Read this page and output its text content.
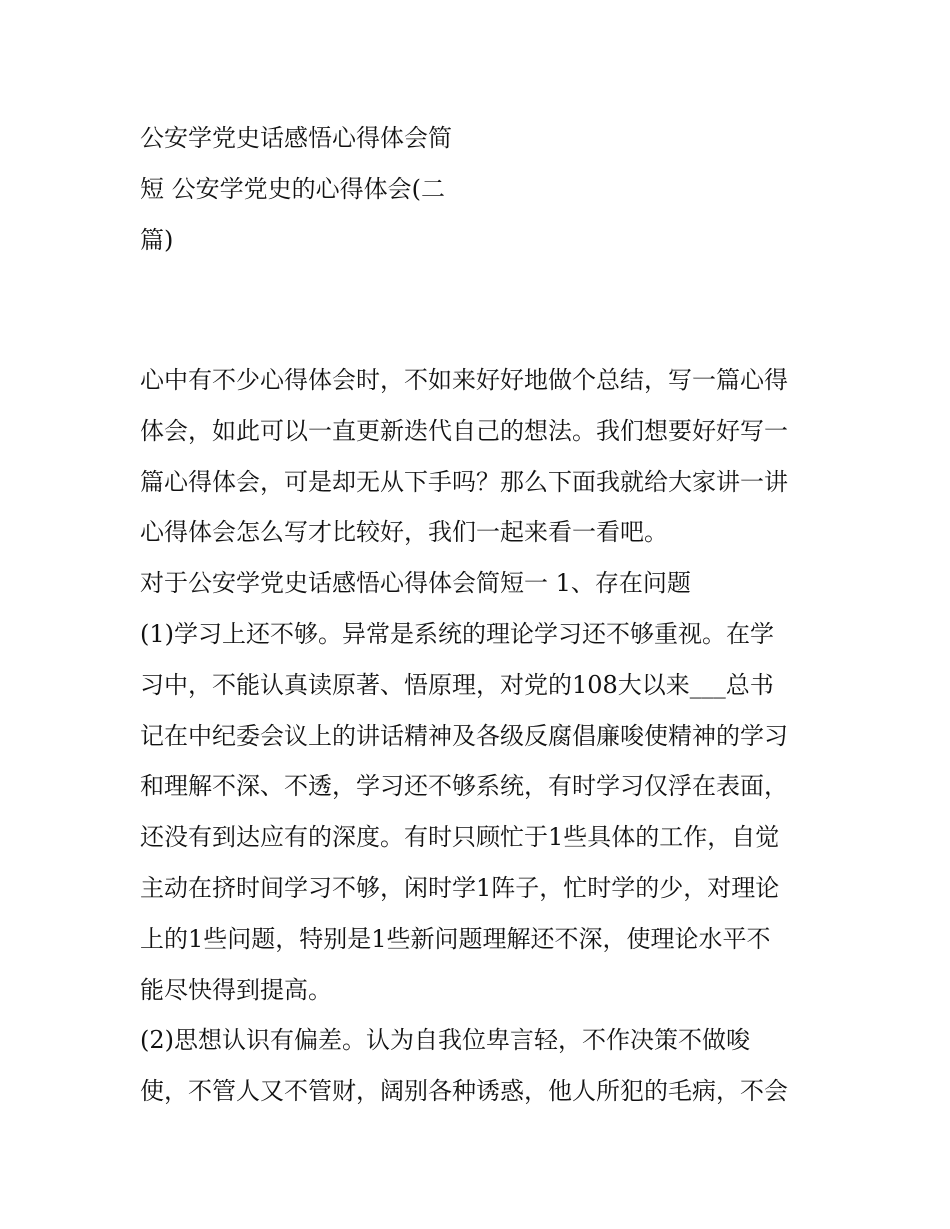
公安学党史话感悟心得体会简
短 公安学党史的心得体会(二
篇)
心中有不少心得体会时，不如来好好地做个总结，写一篇心得
体会，如此可以一直更新迭代自己的想法。我们想要好好写一
篇心得体会，可是却无从下手吗？那么下面我就给大家讲一讲
心得体会怎么写才比较好，我们一起来看一看吧。
对于公安学党史话感悟心得体会简短一 1、存在问题
(1)学习上还不够。异常是系统的理论学习还不够重视。在学
习中，不能认真读原著、悟原理，对党的108大以来___总书
记在中纪委会议上的讲话精神及各级反腐倡廉唆使精神的学习
和理解不深、不透，学习还不够系统，有时学习仅浮在表面，
还没有到达应有的深度。有时只顾忙于1些具体的工作，自觉
主动在挤时间学习不够，闲时学1阵子，忙时学的少，对理论
上的1些问题，特别是1些新问题理解还不深，使理论水平不
能尽快得到提高。
(2)思想认识有偏差。认为自我位卑言轻，不作决策不做唆
使，不管人又不管财，阔别各种诱惑，他人所犯的毛病，不会
